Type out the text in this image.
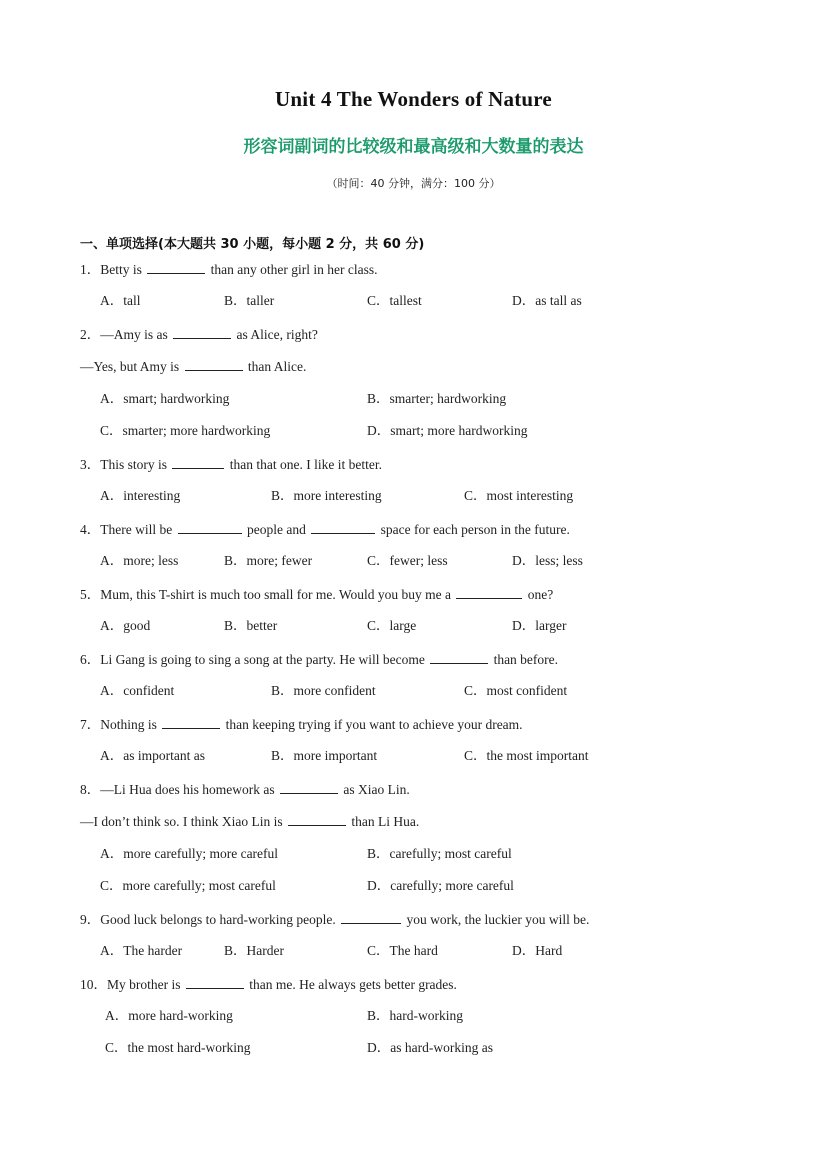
Unit 4 The Wonders of Nature
形容词副词的比较级和最高级和大数量的表达
（时间：40 分钟，满分：100 分）
一、单项选择(本大题共 30 小题，每小题 2 分，共 60 分)
1．Betty is	than any other girl in her class.
A．tall	B．taller	C．tallest	D．as tall as
2．—Amy is as	as Alice, right?
—Yes, but Amy is	than Alice.
A．smart; hardworking	B．smarter; hardworking
C．smarter; more hardworking	D．smart; more hardworking
3．This story is	than that one. I like it better.
A．interesting	B．more interesting	C．most interesting
4．There will be	people and	space for each person in the future.
A．more; less	B．more; fewer	C．fewer; less	D．less; less
5．Mum, this T-shirt is much too small for me. Would you buy me a	one?
A．good	B．better	C．large	D．larger
6．Li Gang is going to sing a song at the party. He will become	than before.
A．confident	B．more confident	C．most confident
7．Nothing is	than keeping trying if you want to achieve your dream.
A．as important as	B．more important	C．the most important
8．—Li Hua does his homework as	as Xiao Lin.
—I don’t think so. I think Xiao Lin is	than Li Hua.
A．more carefully; more careful	B．carefully; most careful
C．more carefully; most careful	D．carefully; more careful
9．Good luck belongs to hard-working people.	you work, the luckier you will be.
A．The harder	B．Harder	C．The hard	D．Hard
10．My brother is	than me. He always gets better grades.
A．more hard-working	B．hard-working
C．the most hard-working	D．as hard-working as
